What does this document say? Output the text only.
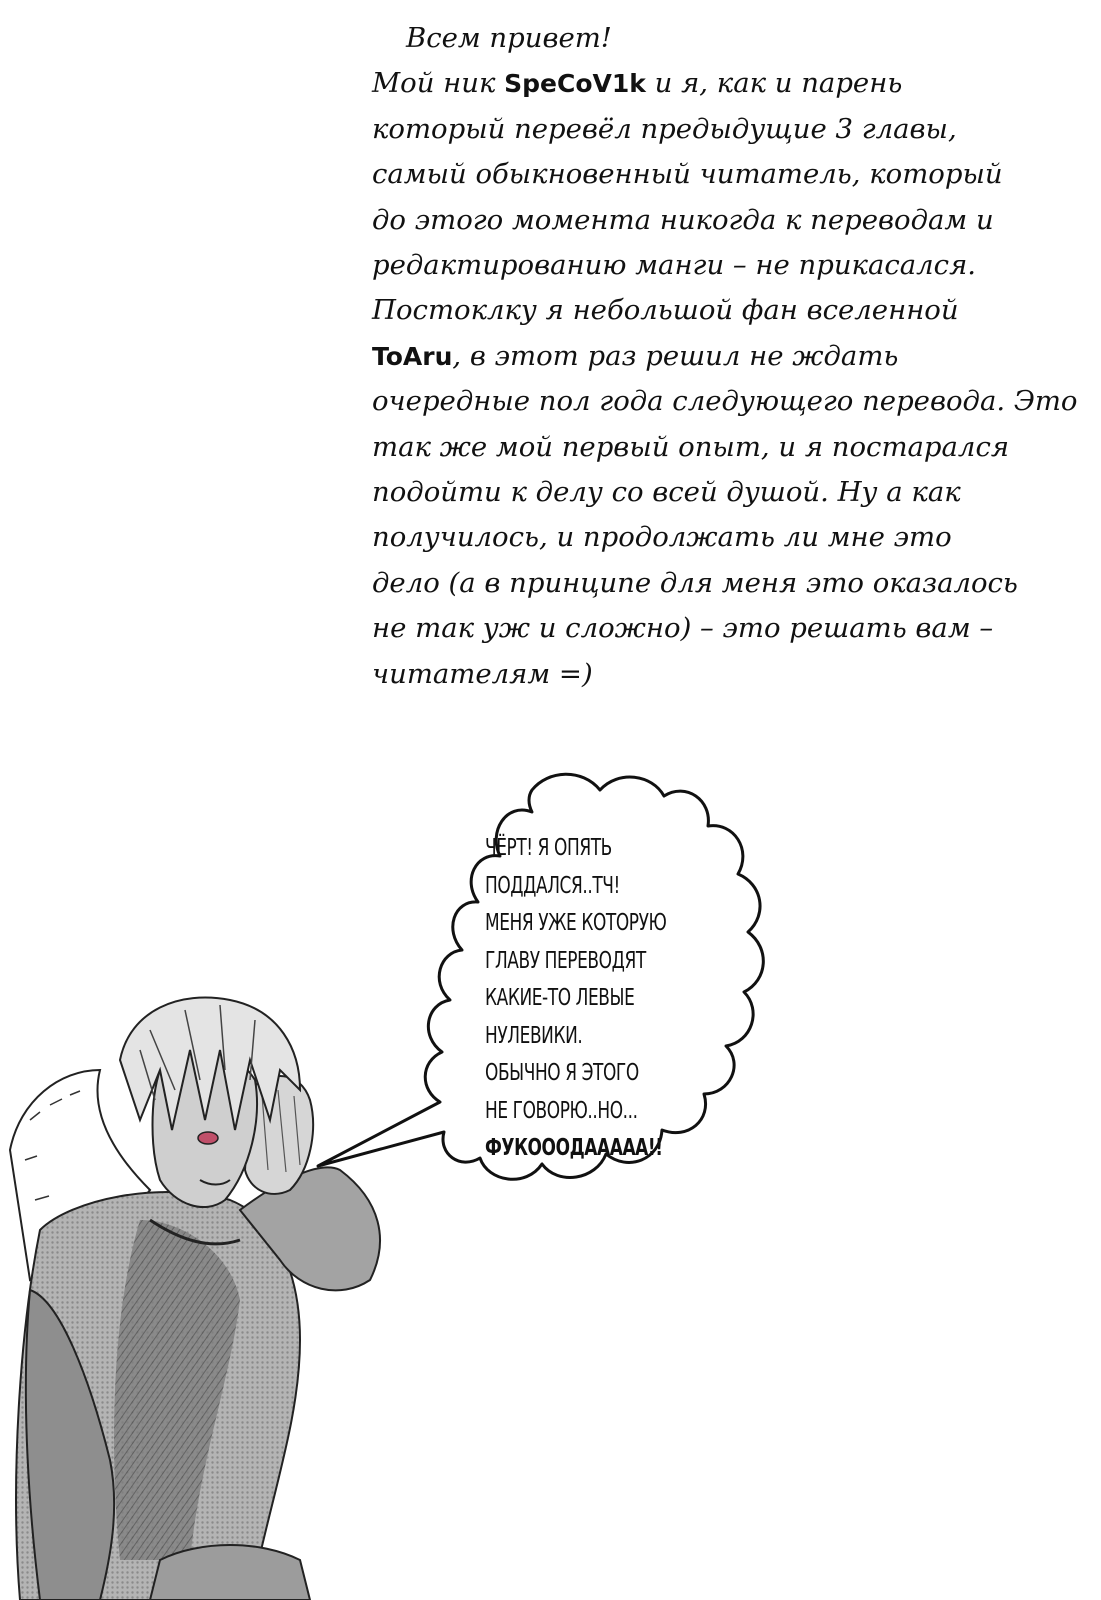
Всем привет!
Мой ник SpeCoV1k и я, как и парень
который перевёл предыдущие 3 главы,
самый обыкновенный читатель, который
до этого момента никогда к переводам и
редактированию манги – не прикасался.
Постоклку я небольшой фан вселенной
ToAru, в этот раз решил не ждать
очередные пол года следующего перевода. Это
так же мой первый опыт, и я постарался
подойти к делу со всей душой. Ну а как
получилось, и продолжать ли мне это
дело (а в принципе для меня это оказалось
не так уж и сложно) – это решать вам –
читателям =)
ЧЁРТ! Я ОПЯТЬ
ПОДДАЛСЯ..ТЧ!
МЕНЯ УЖЕ КОТОРУЮ
ГЛАВУ ПЕРЕВОДЯТ
КАКИЕ-ТО ЛЕВЫЕ
НУЛЕВИКИ.
ОБЫЧНО Я ЭТОГО
НЕ ГОВОРЮ..НО...
ФУКОООДААААА!!
